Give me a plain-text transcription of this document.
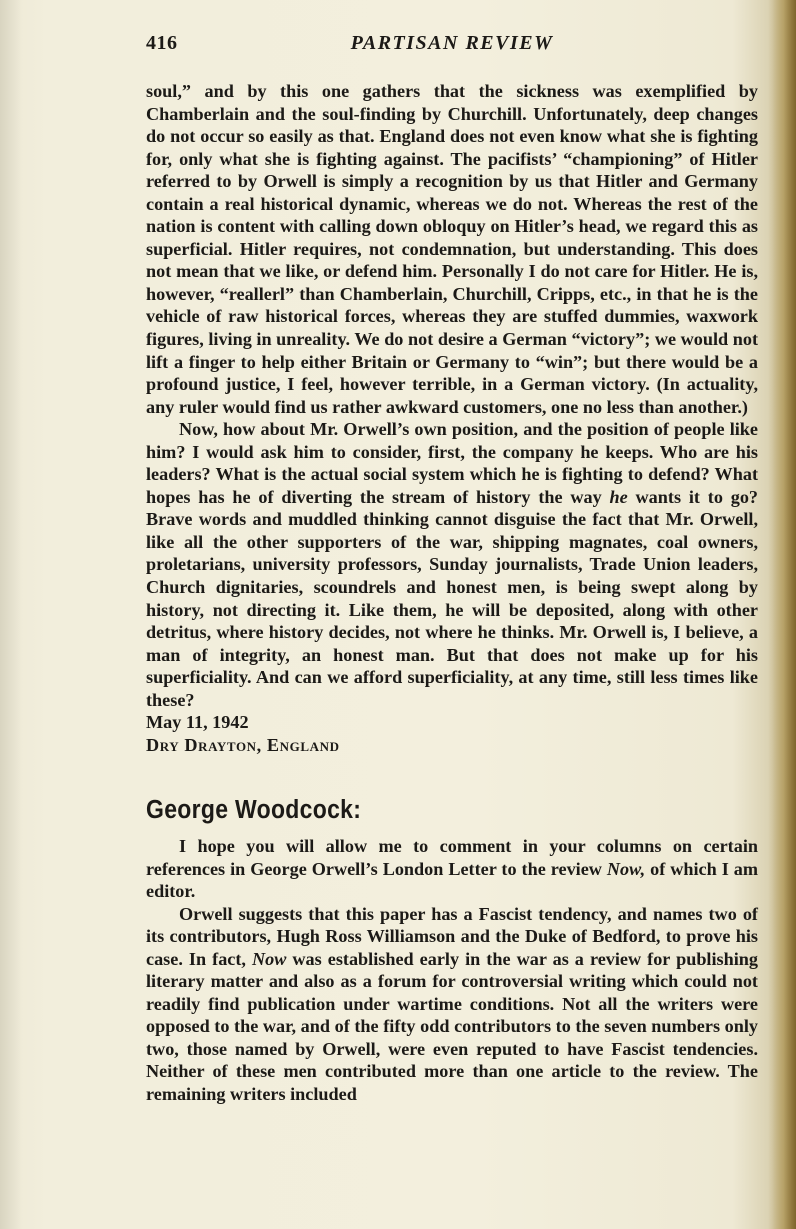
PARTISAN REVIEW
416

soul,” and by this one gathers that the sickness was exemplified by Chamberlain and the soul-finding by Churchill. Unfortunately, deep changes do not occur so easily as that. England does not even know what she is fighting for, only what she is fighting against. The pacifists’ “championing” of Hitler referred to by Orwell is simply a recognition by us that Hitler and Germany contain a real historical dynamic, whereas we do not. Whereas the rest of the nation is content with calling down obloquy on Hitler’s head, we regard this as superficial. Hitler requires, not condemnation, but understanding. This does not mean that we like, or defend him. Personally I do not care for Hitler. He is, however, “reallerl” than Chamberlain, Churchill, Cripps, etc., in that he is the vehicle of raw historical forces, whereas they are stuffed dummies, waxwork figures, living in unreality. We do not desire a German “victory”; we would not lift a finger to help either Britain or Germany to “win”; but there would be a profound justice, I feel, however terrible, in a German victory. (In actuality, any ruler would find us rather awkward customers, one no less than another.)

Now, how about Mr. Orwell’s own position, and the position of people like him? I would ask him to consider, first, the company he keeps. Who are his leaders? What is the actual social system which he is fighting to defend? What hopes has he of diverting the stream of history the way he wants it to go? Brave words and muddled thinking cannot disguise the fact that Mr. Orwell, like all the other supporters of the war, shipping magnates, coal owners, proletarians, university professors, Sunday journalists, Trade Union leaders, Church dignitaries, scoundrels and honest men, is being swept along by history, not directing it. Like them, he will be deposited, along with other detritus, where history decides, not where he thinks. Mr. Orwell is, I believe, a man of integrity, an honest man. But that does not make up for his superficiality. And can we afford superficiality, at any time, still less times like these?

May 11, 1942

Dry Drayton, England

George Woodcock:

I hope you will allow me to comment in your columns on certain references in George Orwell’s London Letter to the review Now, of which I am editor.

Orwell suggests that this paper has a Fascist tendency, and names two of its contributors, Hugh Ross Williamson and the Duke of Bedford, to prove his case. In fact, Now was established early in the war as a review for publishing literary matter and also as a forum for controversial writing which could not readily find publication under wartime conditions. Not all the writers were opposed to the war, and of the fifty odd contributors to the seven numbers only two, those named by Orwell, were even reputed to have Fascist tendencies. Neither of these men contributed more than one article to the review. The remaining writers included
